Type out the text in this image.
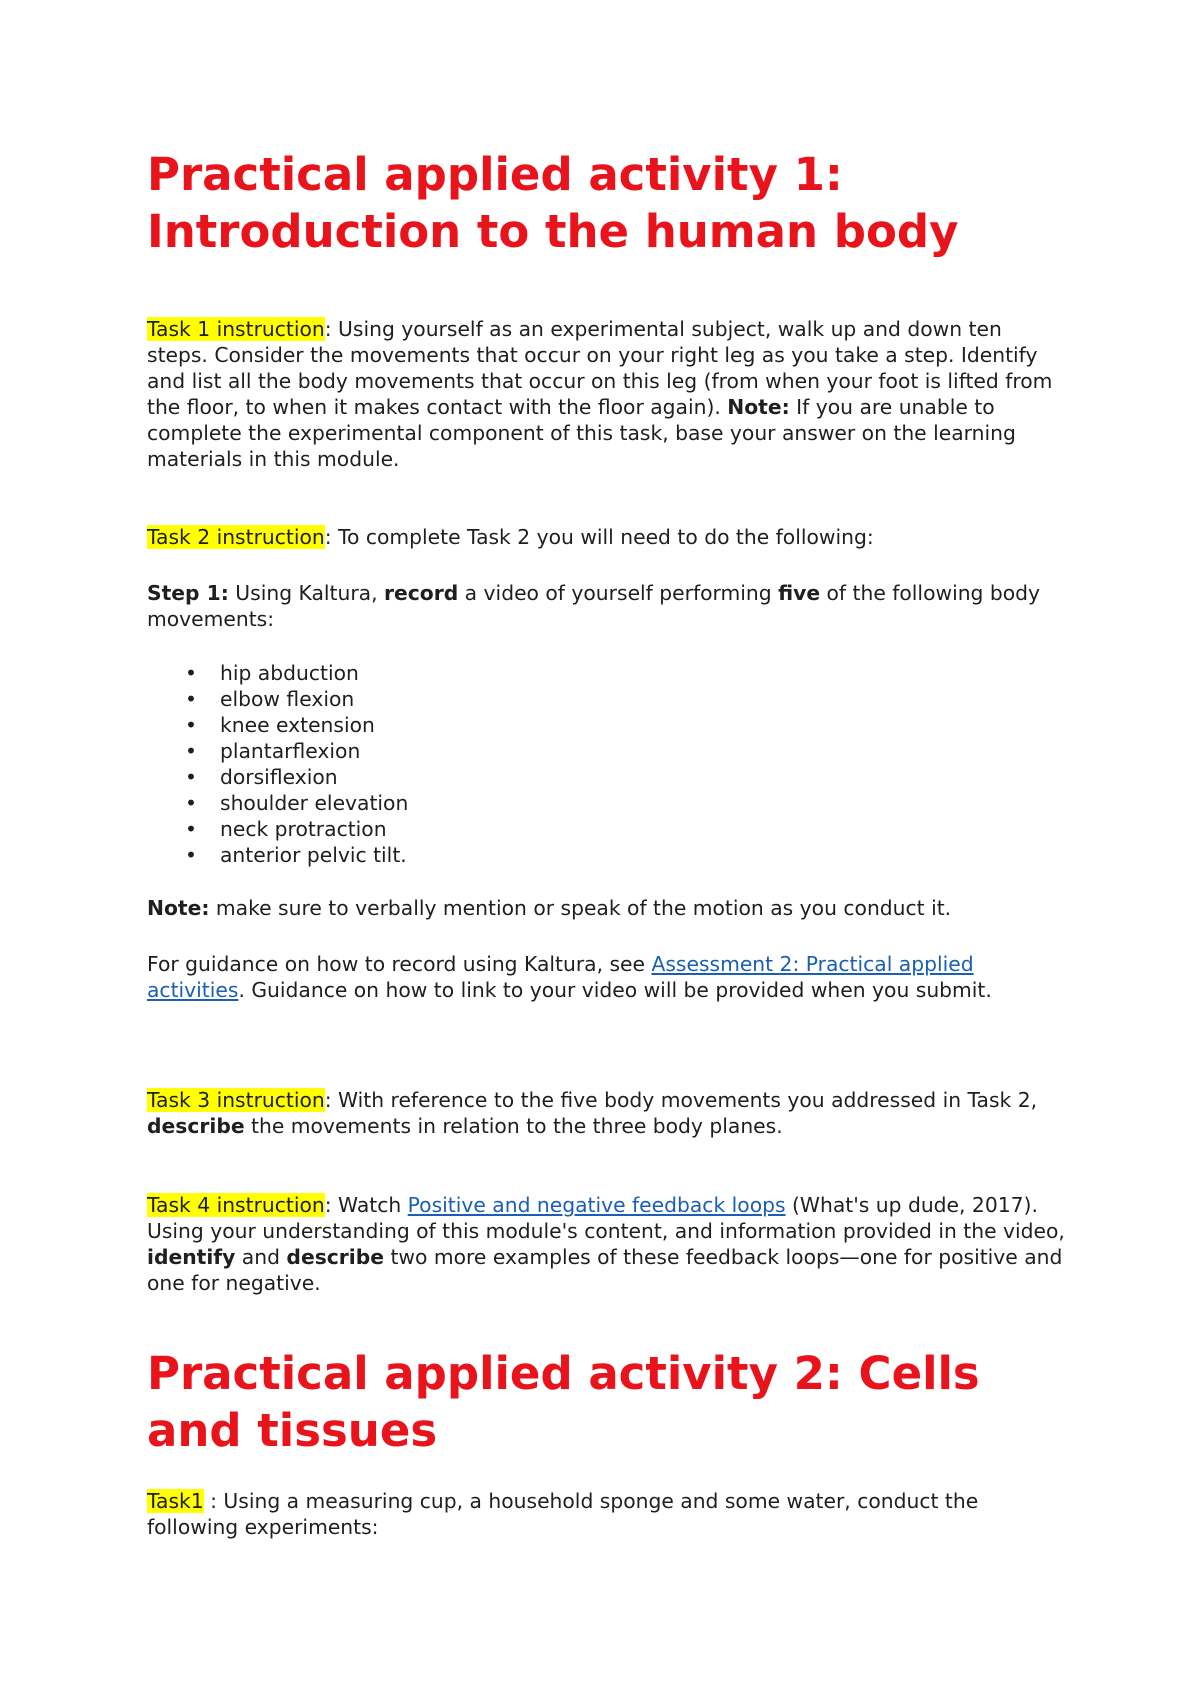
Practical applied activity 1: Introduction to the human body

Task 1 instruction: Using yourself as an experimental subject, walk up and down ten steps. Consider the movements that occur on your right leg as you take a step. Identify and list all the body movements that occur on this leg (from when your foot is lifted from the floor, to when it makes contact with the floor again). Note: If you are unable to complete the experimental component of this task, base your answer on the learning materials in this module.

Task 2 instruction: To complete Task 2 you will need to do the following:

Step 1: Using Kaltura, record a video of yourself performing five of the following body movements:

• hip abduction
• elbow flexion
• knee extension
• plantarflexion
• dorsiflexion
• shoulder elevation
• neck protraction
• anterior pelvic tilt.

Note: make sure to verbally mention or speak of the motion as you conduct it.

For guidance on how to record using Kaltura, see Assessment 2: Practical applied activities. Guidance on how to link to your video will be provided when you submit.

Task 3 instruction: With reference to the five body movements you addressed in Task 2, describe the movements in relation to the three body planes.

Task 4 instruction: Watch Positive and negative feedback loops (What's up dude, 2017). Using your understanding of this module's content, and information provided in the video, identify and describe two more examples of these feedback loops—one for positive and one for negative.

Practical applied activity 2: Cells and tissues

Task1 : Using a measuring cup, a household sponge and some water, conduct the following experiments:
